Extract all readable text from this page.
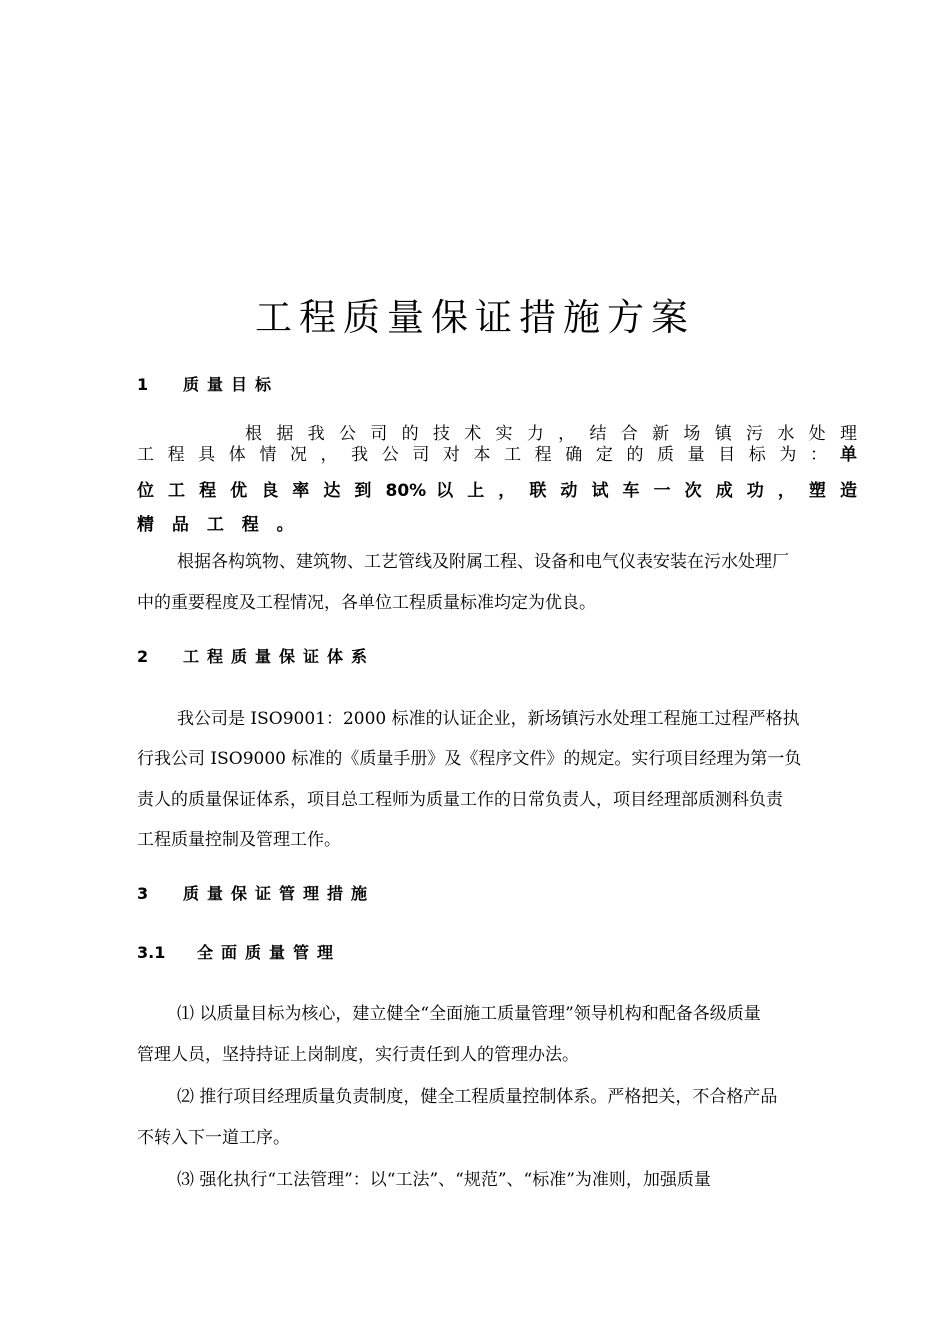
工程质量保证措施方案
1 质量目标
根 据 我 公 司 的 技 术 实 力 ， 结 合 新 场 镇 污 水 处 理
工 程 具 体 情 况 ， 我 公 司 对 本 工 程 确 定 的 质 量 目 标 为 ： 单
位 工 程 优 良 率 达 到 80% 以 上 ， 联 动 试 车 一 次 成 功 ， 塑 造
精 品 工 程 。
根据各构筑物、建筑物、工艺管线及附属工程、设备和电气仪表安装在污水处理厂
中的重要程度及工程情况，各单位工程质量标准均定为优良。
2 工程质量保证体系
我公司是 ISO9001：2000 标准的认证企业，新场镇污水处理工程施工过程严格执
行我公司 ISO9000 标准的《质量手册》及《程序文件》的规定。实行项目经理为第一负
责人的质量保证体系，项目总工程师为质量工作的日常负责人，项目经理部质测科负责
工程质量控制及管理工作。
3 质量保证管理措施
3.1 全面质量管理
⑴ 以质量目标为核心，建立健全“全面施工质量管理”领导机构和配备各级质量
管理人员，坚持持证上岗制度，实行责任到人的管理办法。
⑵ 推行项目经理质量负责制度，健全工程质量控制体系。严格把关，不合格产品
不转入下一道工序。
⑶ 强化执行“工法管理”：以“工法”、“规范”、“标准”为准则，加强质量
